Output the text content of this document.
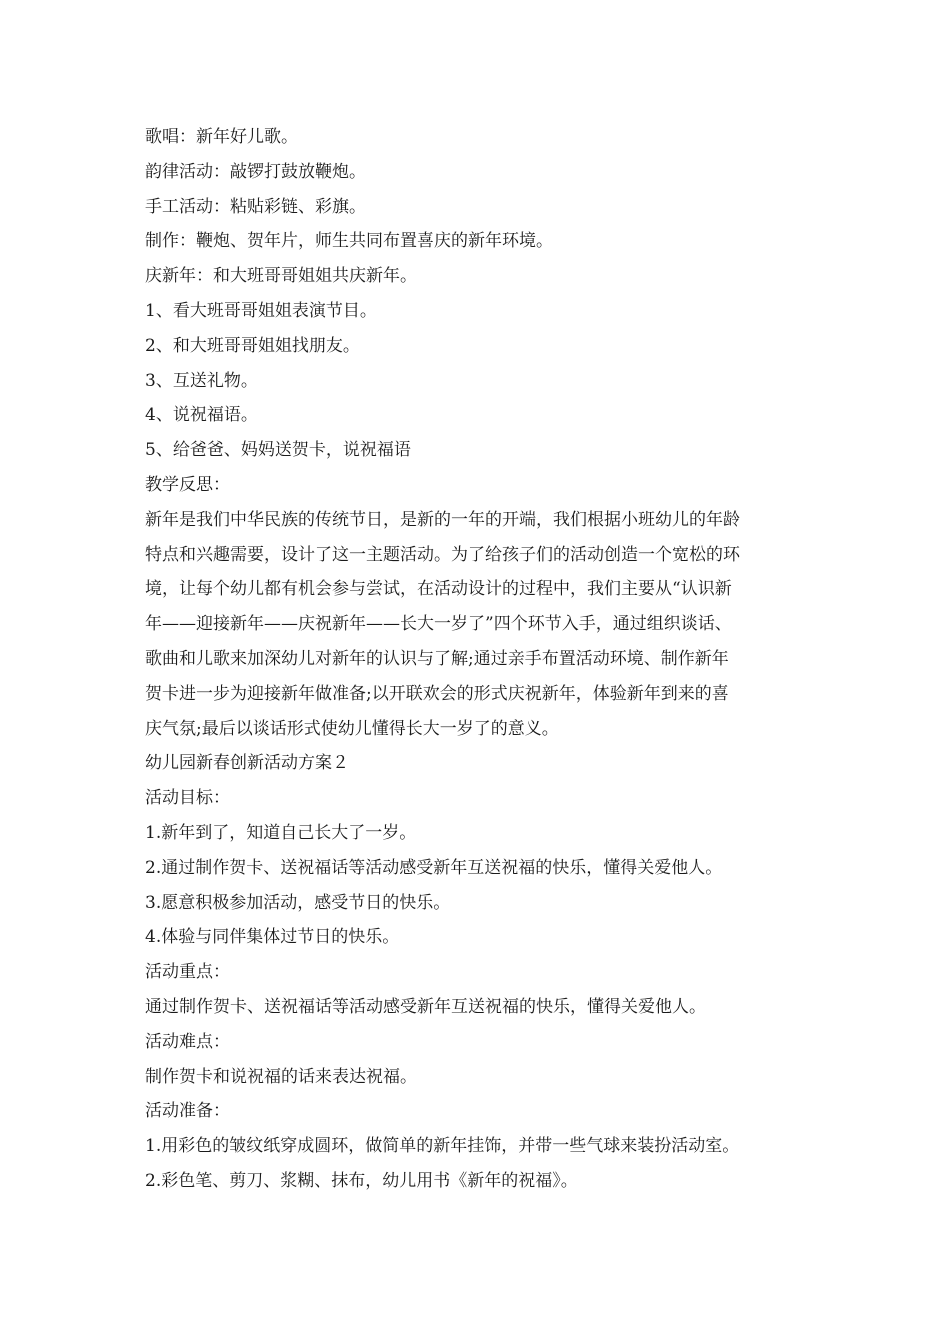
歌唱：新年好儿歌。
韵律活动：敲锣打鼓放鞭炮。
手工活动：粘贴彩链、彩旗。
制作：鞭炮、贺年片，师生共同布置喜庆的新年环境。
庆新年：和大班哥哥姐姐共庆新年。
1、看大班哥哥姐姐表演节目。
2、和大班哥哥姐姐找朋友。
3、互送礼物。
4、说祝福语。
5、给爸爸、妈妈送贺卡，说祝福语
教学反思：
新年是我们中华民族的传统节日，是新的一年的开端，我们根据小班幼儿的年龄
特点和兴趣需要，设计了这一主题活动。为了给孩子们的活动创造一个宽松的环
境，让每个幼儿都有机会参与尝试，在活动设计的过程中，我们主要从“认识新
年——迎接新年——庆祝新年——长大一岁了”四个环节入手，通过组织谈话、
歌曲和儿歌来加深幼儿对新年的认识与了解;通过亲手布置活动环境、制作新年
贺卡进一步为迎接新年做准备;以开联欢会的形式庆祝新年，体验新年到来的喜
庆气氛;最后以谈话形式使幼儿懂得长大一岁了的意义。
幼儿园新春创新活动方案２
活动目标：
1.新年到了，知道自己长大了一岁。
2.通过制作贺卡、送祝福话等活动感受新年互送祝福的快乐，懂得关爱他人。
3.愿意积极参加活动，感受节日的快乐。
4.体验与同伴集体过节日的快乐。
活动重点：
通过制作贺卡、送祝福话等活动感受新年互送祝福的快乐，懂得关爱他人。
活动难点：
制作贺卡和说祝福的话来表达祝福。
活动准备：
1.用彩色的皱纹纸穿成圆环，做简单的新年挂饰，并带一些气球来装扮活动室。
2.彩色笔、剪刀、浆糊、抹布，幼儿用书《新年的祝福》。
